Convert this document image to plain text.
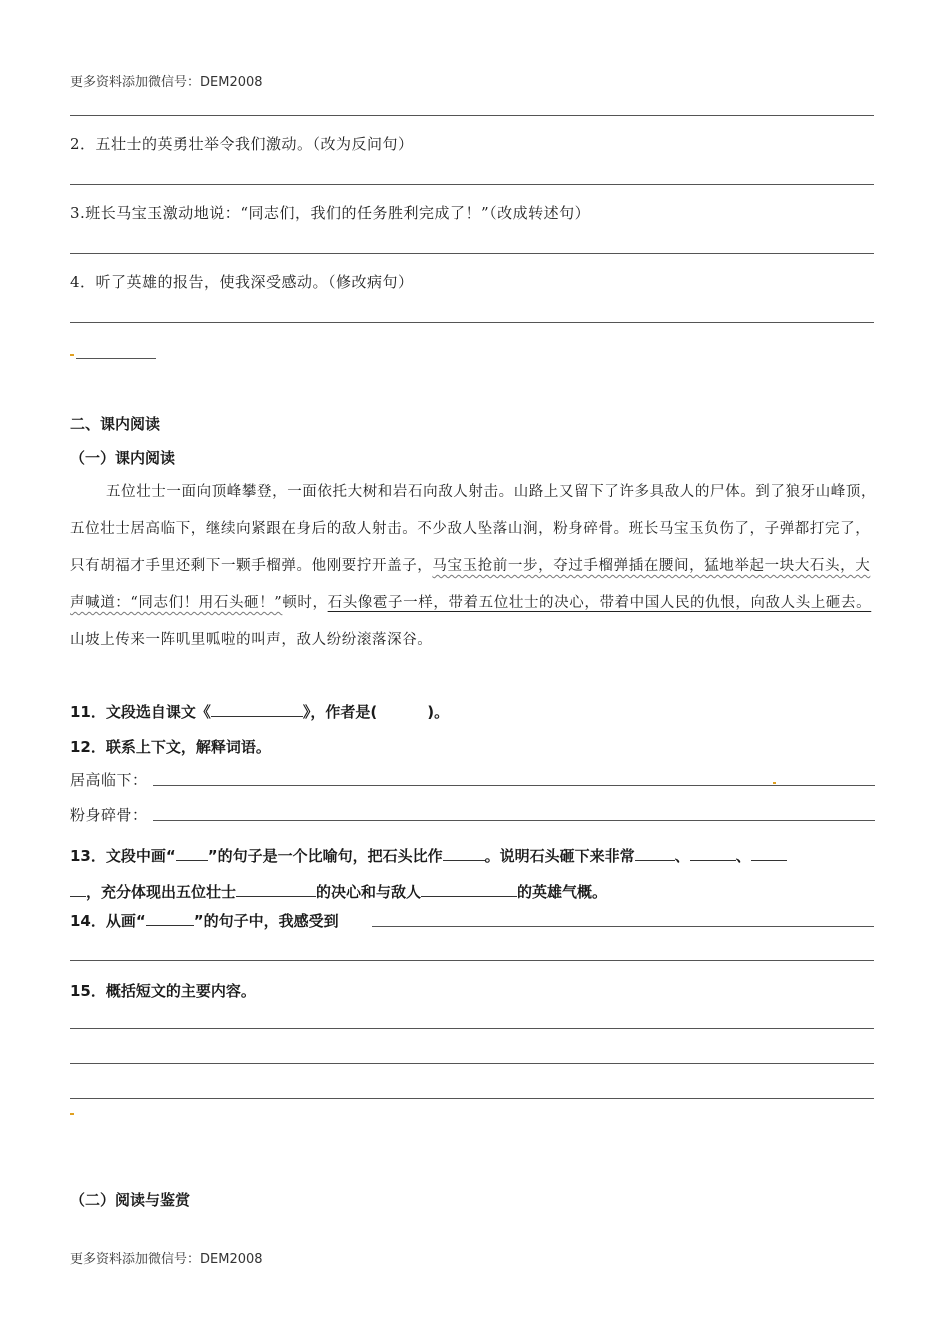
更多资料添加微信号：DEM2008
2．五壮士的英勇壮举令我们激动。（改为反问句）
3.班长马宝玉激动地说：“同志们，我们的任务胜利完成了！”（改成转述句）
4．听了英雄的报告，使我深受感动。（修改病句）
二、课内阅读
（一）课内阅读
五位壮士一面向顶峰攀登，一面依托大树和岩石向敌人射击。山路上又留下了许多具敌人的尸体。到了狼牙山峰顶，五位壮士居高临下，继续向紧跟在身后的敌人射击。不少敌人坠落山涧，粉身碎骨。班长马宝玉负伤了，子弹都打完了，只有胡福才手里还剩下一颗手榴弹。他刚要拧开盖子，马宝玉抢前一步，夺过手榴弹插在腰间，猛地举起一块大石头，大声喊道：“同志们！用石头砸！”顿时，石头像雹子一样，带着五位壮士的决心，带着中国人民的仇恨，向敌人头上砸去。山坡上传来一阵叽里呱啦的叫声，敌人纷纷滚落深谷。
11．文段选自课文《	》，作者是(	)。
12．联系上下文，解释词语。
居高临下：
粉身碎骨：
13．文段中画“ ”的句子是一个比喻句，把石头比作	。说明石头砸下来非常	、	、
，充分体现出五位壮士	的决心和与敌人	的英雄气概。
14．从画“	”的句子中，我感受到
15．概括短文的主要内容。
（二）阅读与鉴赏
更多资料添加微信号：DEM2008
